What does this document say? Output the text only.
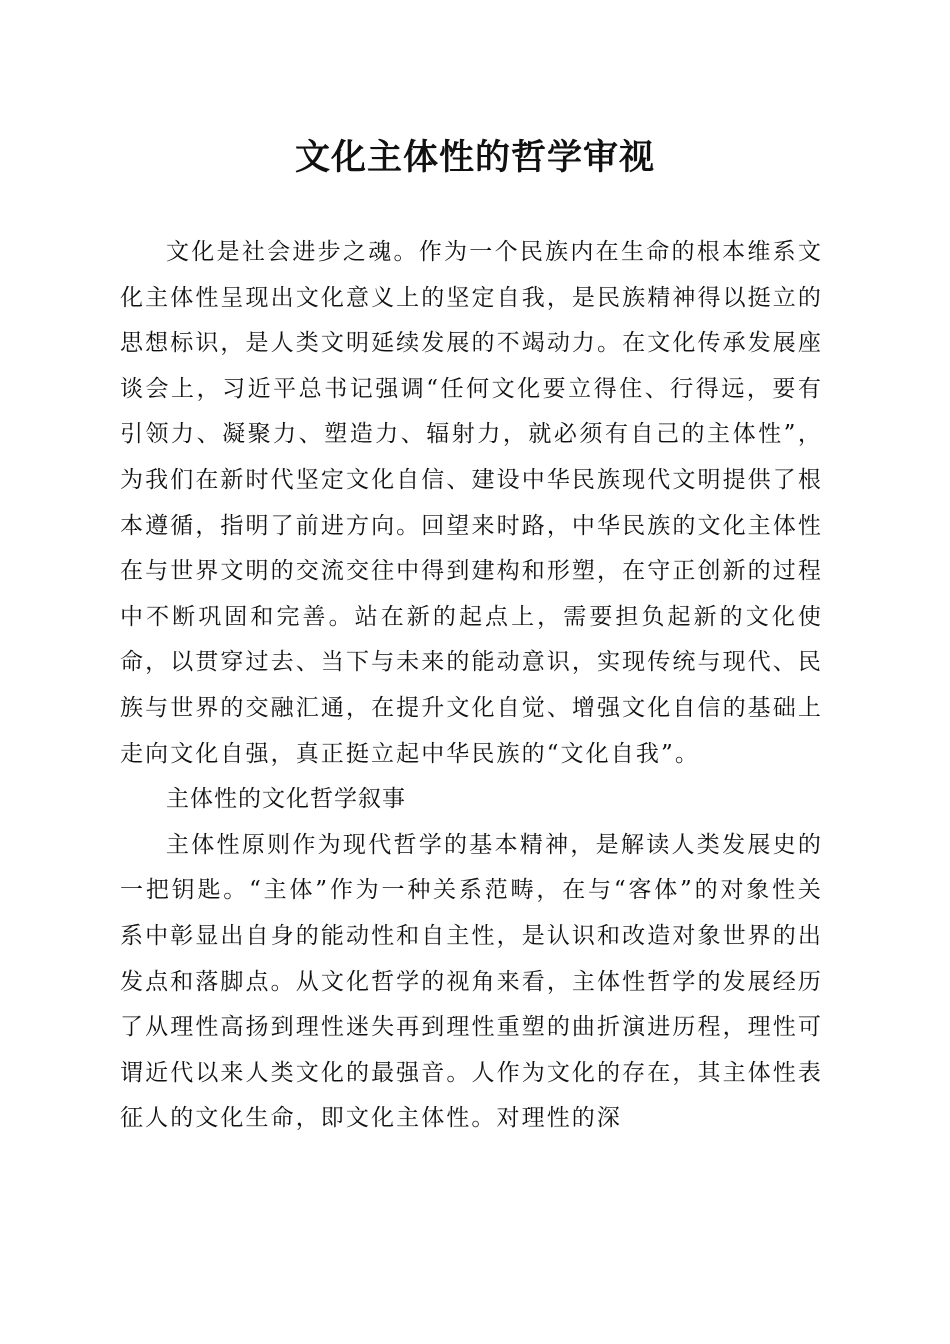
文化主体性的哲学审视

文化是社会进步之魂。作为一个民族内在生命的根本维系文化主体性呈现出文化意义上的坚定自我，是民族精神得以挺立的思想标识，是人类文明延续发展的不竭动力。在文化传承发展座谈会上，习近平总书记强调“任何文化要立得住、行得远，要有引领力、凝聚力、塑造力、辐射力，就必须有自己的主体性”，为我们在新时代坚定文化自信、建设中华民族现代文明提供了根本遵循，指明了前进方向。回望来时路，中华民族的文化主体性在与世界文明的交流交往中得到建构和形塑，在守正创新的过程中不断巩固和完善。站在新的起点上，需要担负起新的文化使命，以贯穿过去、当下与未来的能动意识，实现传统与现代、民族与世界的交融汇通，在提升文化自觉、增强文化自信的基础上走向文化自强，真正挺立起中华民族的“文化自我”。

主体性的文化哲学叙事

主体性原则作为现代哲学的基本精神，是解读人类发展史的一把钥匙。“主体”作为一种关系范畴，在与“客体”的对象性关系中彰显出自身的能动性和自主性，是认识和改造对象世界的出发点和落脚点。从文化哲学的视角来看，主体性哲学的发展经历了从理性高扬到理性迷失再到理性重塑的曲折演进历程，理性可谓近代以来人类文化的最强音。人作为文化的存在，其主体性表征人的文化生命，即文化主体性。对理性的深
